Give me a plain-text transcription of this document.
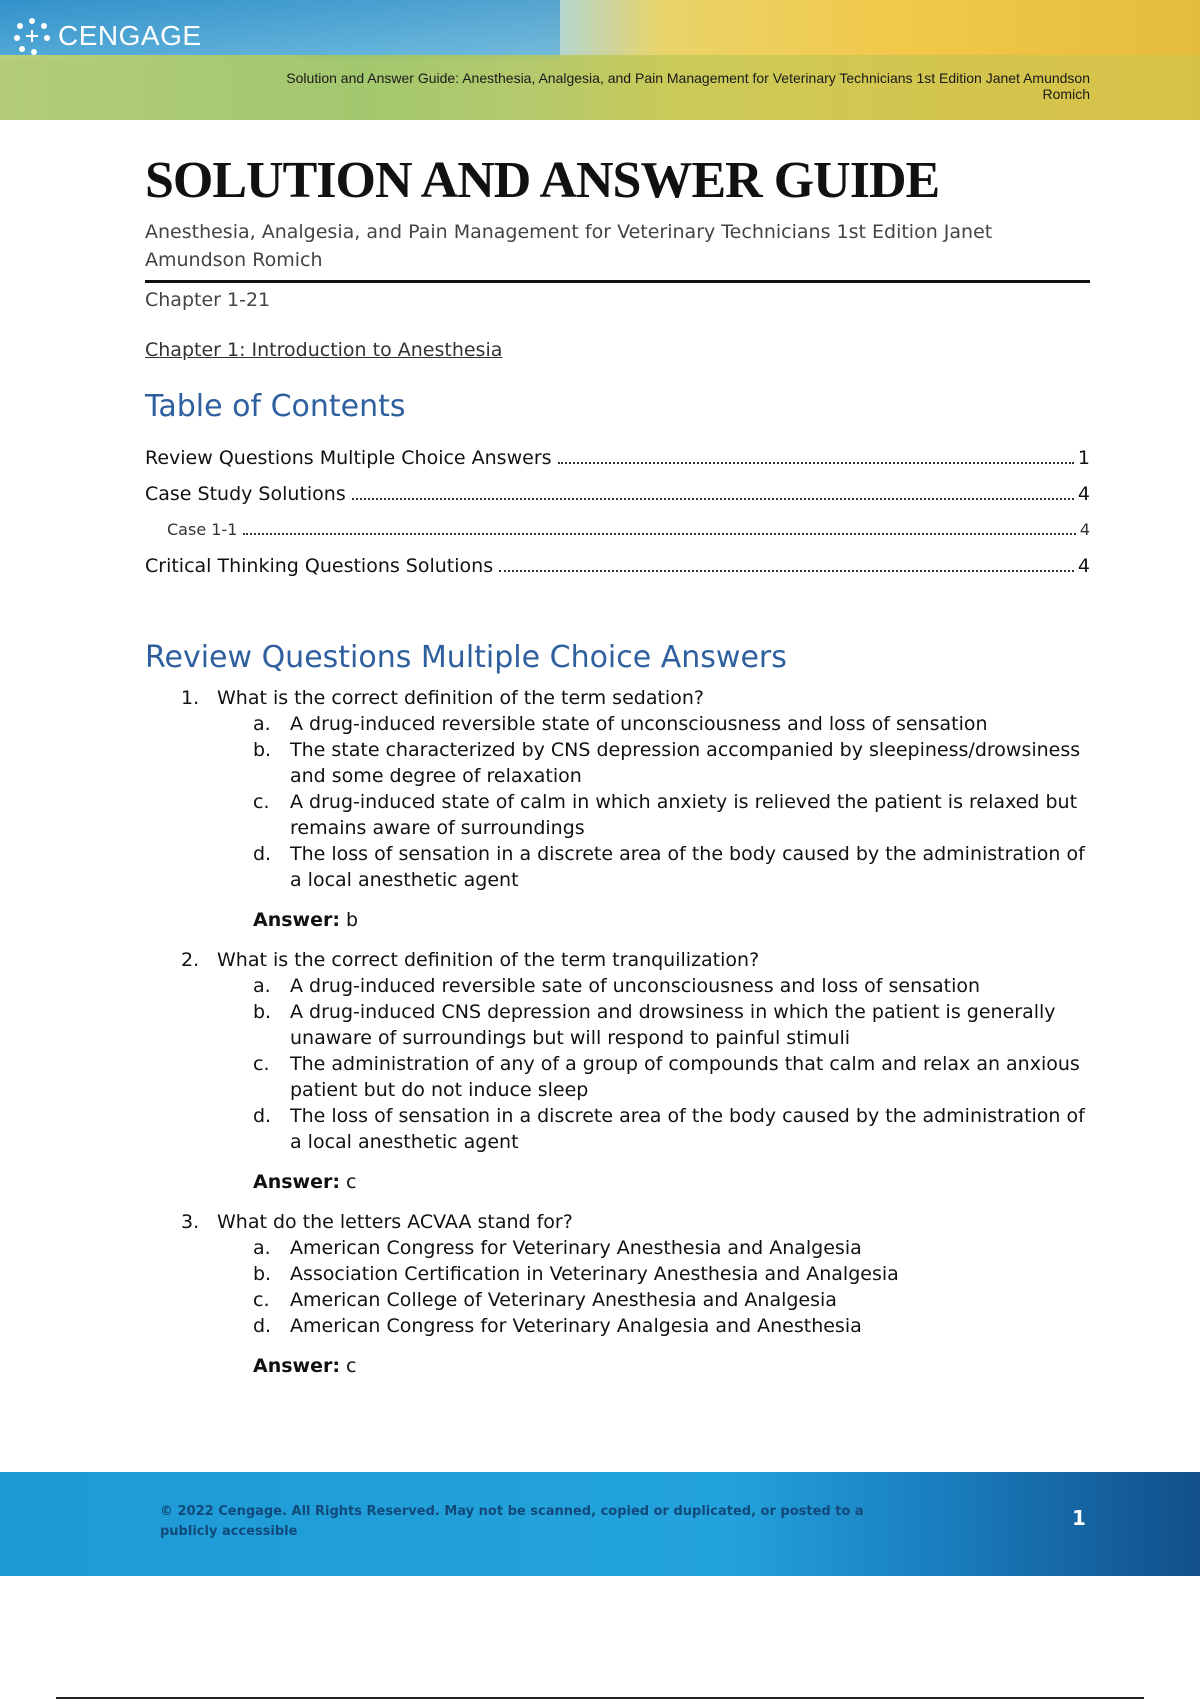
CENGAGE
Solution and Answer Guide: Anesthesia, Analgesia, and Pain Management for Veterinary Technicians 1st Edition Janet Amundson
Romich
SOLUTION AND ANSWER GUIDE
Anesthesia, Analgesia, and Pain Management for Veterinary Technicians 1st Edition Janet Amundson Romich
Chapter 1-21
Chapter 1: Introduction to Anesthesia
Table of Contents
Review Questions Multiple Choice Answers	1
Case Study Solutions	4
Case 1-1	4
Critical Thinking Questions Solutions	4
Review Questions Multiple Choice Answers
1. What is the correct definition of the term sedation?
a. A drug-induced reversible state of unconsciousness and loss of sensation
b. The state characterized by CNS depression accompanied by sleepiness/drowsiness and some degree of relaxation
c. A drug-induced state of calm in which anxiety is relieved the patient is relaxed but remains aware of surroundings
d. The loss of sensation in a discrete area of the body caused by the administration of a local anesthetic agent
Answer: b
2. What is the correct definition of the term tranquilization?
a. A drug-induced reversible sate of unconsciousness and loss of sensation
b. A drug-induced CNS depression and drowsiness in which the patient is generally unaware of surroundings but will respond to painful stimuli
c. The administration of any of a group of compounds that calm and relax an anxious patient but do not induce sleep
d. The loss of sensation in a discrete area of the body caused by the administration of a local anesthetic agent
Answer: c
3. What do the letters ACVAA stand for?
a. American Congress for Veterinary Anesthesia and Analgesia
b. Association Certification in Veterinary Anesthesia and Analgesia
c. American College of Veterinary Anesthesia and Analgesia
d. American Congress for Veterinary Analgesia and Anesthesia
Answer: c
© 2022 Cengage. All Rights Reserved. May not be scanned, copied or duplicated, or posted to a publicly accessible
1
